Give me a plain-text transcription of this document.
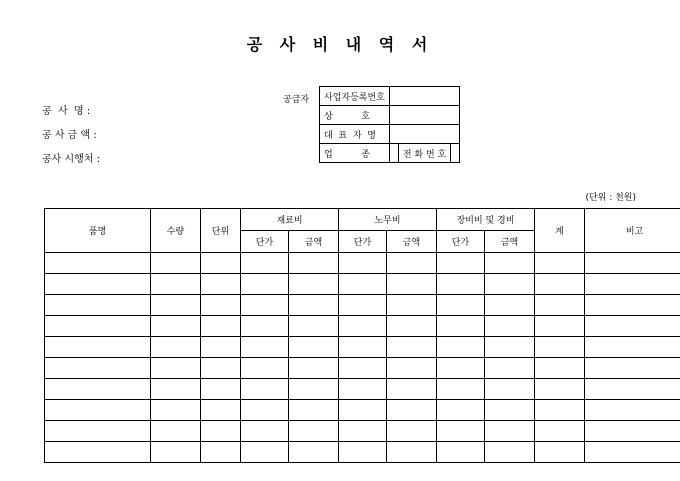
공 사 비 내 역 서
공  사  명 :
공 사 금 액 :
공사 시행처 :
공급자 사업자등록번호			
상          호			
대  표  자  명			
업          종		전 화 번 호	
(단위 : 천원)
품명	수량	단위	재료비		노무비		장비비 및 경비		계	비고
			단가	금액	단가	금액	단가	금액		
